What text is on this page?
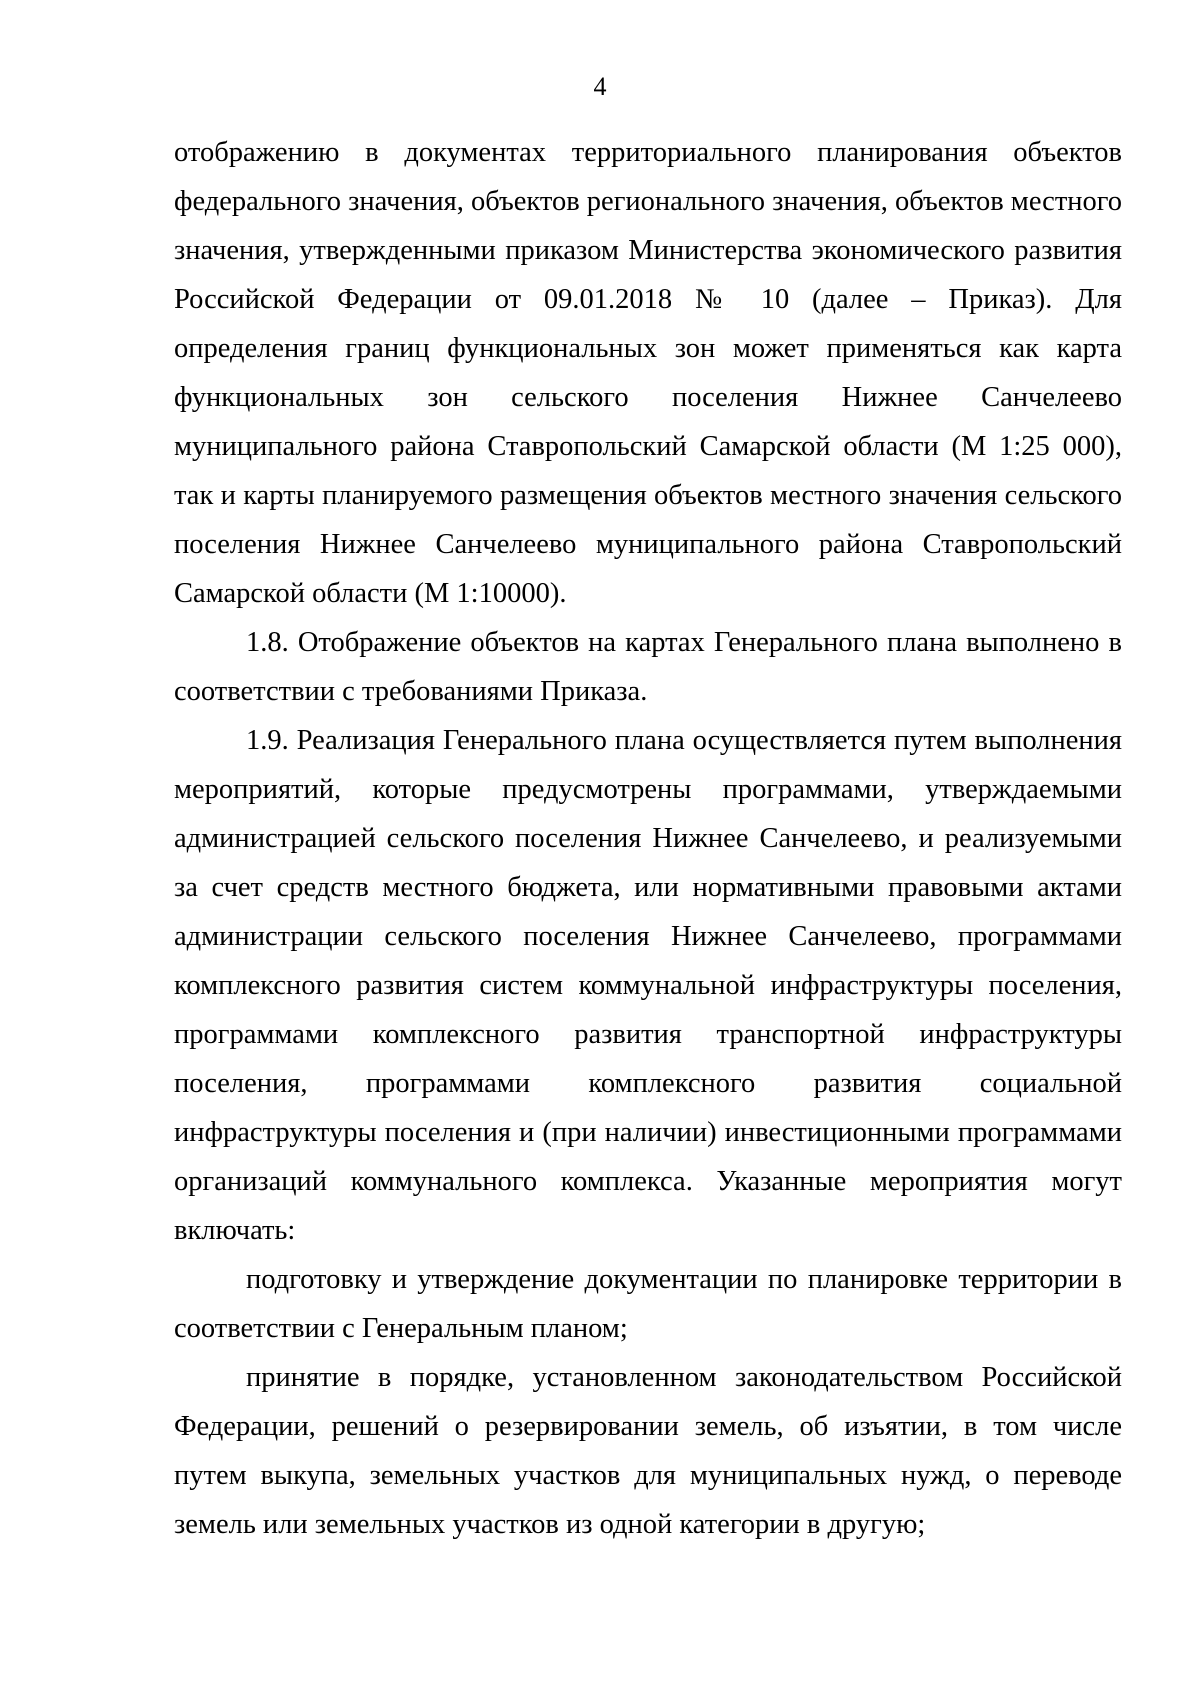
4

отображению в документах территориального планирования объектов федерального значения, объектов регионального значения, объектов местного значения, утвержденными приказом Министерства экономического развития Российской Федерации от 09.01.2018 № 10 (далее – Приказ). Для определения границ функциональных зон может применяться как карта функциональных зон сельского поселения Нижнее Санчелеево муниципального района Ставропольский Самарской области (М 1:25 000), так и карты планируемого размещения объектов местного значения сельского поселения Нижнее Санчелеево муниципального района Ставропольский Самарской области (М 1:10000).

1.8. Отображение объектов на картах Генерального плана выполнено в соответствии с требованиями Приказа.

1.9. Реализация Генерального плана осуществляется путем выполнения мероприятий, которые предусмотрены программами, утверждаемыми администрацией сельского поселения Нижнее Санчелеево, и реализуемыми за счет средств местного бюджета, или нормативными правовыми актами администрации сельского поселения Нижнее Санчелеево, программами комплексного развития систем коммунальной инфраструктуры поселения, программами комплексного развития транспортной инфраструктуры поселения, программами комплексного развития социальной инфраструктуры поселения и (при наличии) инвестиционными программами организаций коммунального комплекса. Указанные мероприятия могут включать:

подготовку и утверждение документации по планировке территории в соответствии с Генеральным планом;

принятие в порядке, установленном законодательством Российской Федерации, решений о резервировании земель, об изъятии, в том числе путем выкупа, земельных участков для муниципальных нужд, о переводе земель или земельных участков из одной категории в другую;
